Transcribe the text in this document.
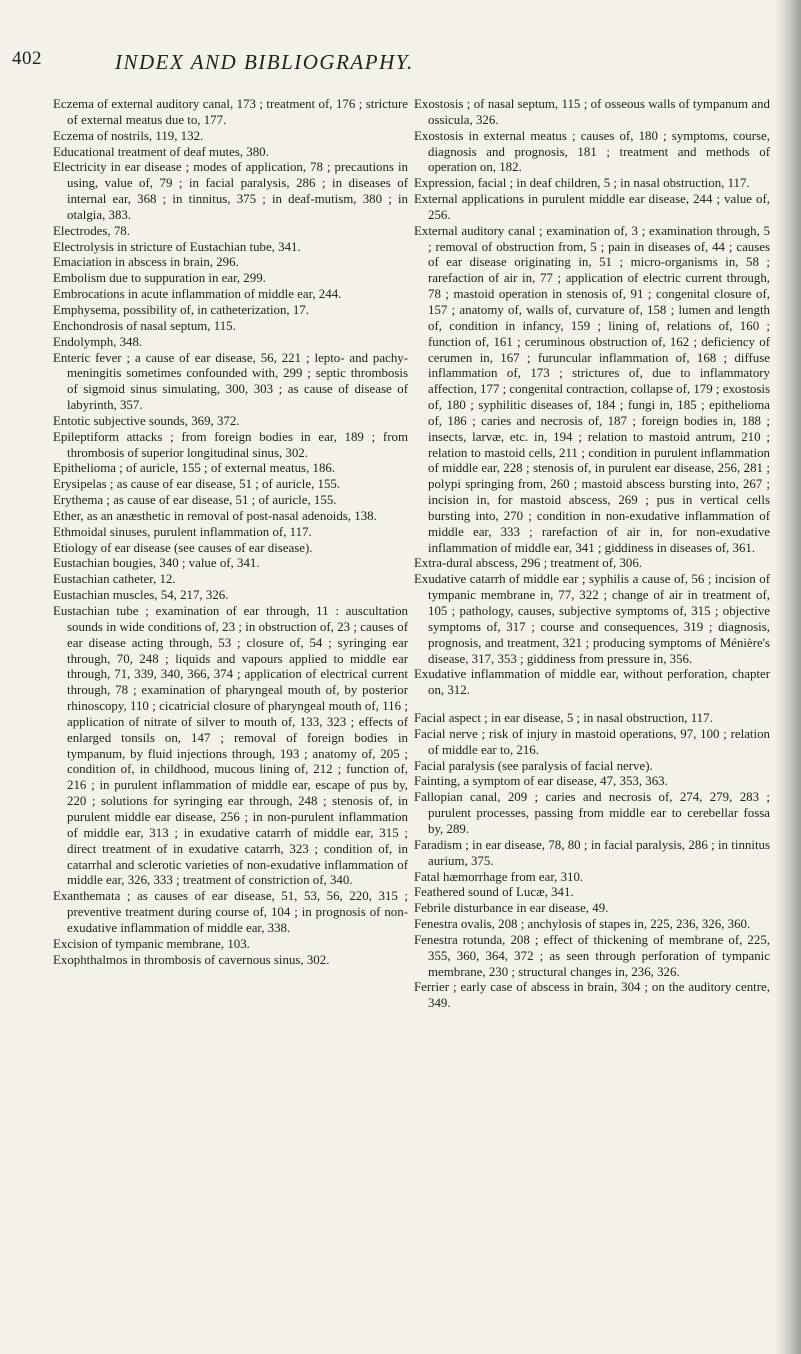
402	INDEX AND BIBLIOGRAPHY.

Eczema of external auditory canal, 173 ; treatment of, 176 ; stricture of external meatus due to, 177.

Eczema of nostrils, 119, 132.

Educational treatment of deaf mutes, 380.

Electricity in ear disease ; modes of application, 78 ; precautions in using, value of, 79 ; in facial paralysis, 286 ; in diseases of internal ear, 368 ; in tinnitus, 375 ; in deaf-mutism, 380 ; in otalgia, 383.

Electrodes, 78.

Electrolysis in stricture of Eustachian tube, 341.

Emaciation in abscess in brain, 296.

Embolism due to suppuration in ear, 299.

Embrocations in acute inflammation of middle ear, 244.

Emphysema, possibility of, in catheterization, 17.

Enchondrosis of nasal septum, 115.

Endolymph, 348.

Enteric fever ; a cause of ear disease, 56, 221 ; lepto- and pachy-meningitis sometimes confounded with, 299 ; septic thrombosis of sigmoid sinus simulating, 300, 303 ; as cause of disease of labyrinth, 357.

Entotic subjective sounds, 369, 372.

Epileptiform attacks ; from foreign bodies in ear, 189 ; from thrombosis of superior longitudinal sinus, 302.

Epithelioma ; of auricle, 155 ; of external meatus, 186.

Erysipelas ; as cause of ear disease, 51 ; of auricle, 155.

Erythema ; as cause of ear disease, 51 ; of auricle, 155.

Ether, as an anæsthetic in removal of post-nasal adenoids, 138.

Ethmoidal sinuses, purulent inflammation of, 117.

Etiology of ear disease (see causes of ear disease).

Eustachian bougies, 340 ; value of, 341.

Eustachian catheter, 12.

Eustachian muscles, 54, 217, 326.

Eustachian tube ; examination of ear through, 11 : auscultation sounds in wide conditions of, 23 ; in obstruction of, 23 ; causes of ear disease acting through, 53 ; closure of, 54 ; syringing ear through, 70, 248 ; liquids and vapours applied to middle ear through, 71, 339, 340, 366, 374 ; application of electrical current through, 78 ; examination of pharyngeal mouth of, by posterior rhinoscopy, 110 ; cicatricial closure of pharyngeal mouth of, 116 ; application of nitrate of silver to mouth of, 133, 323 ; effects of enlarged tonsils on, 147 ; removal of foreign bodies in tympanum, by fluid injections through, 193 ; anatomy of, 205 ; condition of, in childhood, mucous lining of, 212 ; function of, 216 ; in purulent inflammation of middle ear, escape of pus by, 220 ; solutions for syringing ear through, 248 ; stenosis of, in purulent middle ear disease, 256 ; in non-purulent inflammation of middle ear, 313 ; in exudative catarrh of middle ear, 315 ; direct treatment of in exudative catarrh, 323 ; condition of, in catarrhal and sclerotic varieties of non-exudative inflammation of middle ear, 326, 333 ; treatment of constriction of, 340.

Exanthemata ; as causes of ear disease, 51, 53, 56, 220, 315 ; preventive treatment during course of, 104 ; in prognosis of non-exudative inflammation of middle ear, 338.

Excision of tympanic membrane, 103.

Exophthalmos in thrombosis of cavernous sinus, 302.

Exostosis ; of nasal septum, 115 ; of osseous walls of tympanum and ossicula, 326.

Exostosis in external meatus ; causes of, 180 ; symptoms, course, diagnosis and prognosis, 181 ; treatment and methods of operation on, 182.

Expression, facial ; in deaf children, 5 ; in nasal obstruction, 117.

External applications in purulent middle ear disease, 244 ; value of, 256.

External auditory canal ; examination of, 3 ; examination through, 5 ; removal of obstruction from, 5 ; pain in diseases of, 44 ; causes of ear disease originating in, 51 ; micro-organisms in, 58 ; rarefaction of air in, 77 ; application of electric current through, 78 ; mastoid operation in stenosis of, 91 ; congenital closure of, 157 ; anatomy of, walls of, curvature of, 158 ; lumen and length of, condition in infancy, 159 ; lining of, relations of, 160 ; function of, 161 ; ceruminous obstruction of, 162 ; deficiency of cerumen in, 167 ; furuncular inflammation of, 168 ; diffuse inflammation of, 173 ; strictures of, due to inflammatory affection, 177 ; congenital contraction, collapse of, 179 ; exostosis of, 180 ; syphilitic diseases of, 184 ; fungi in, 185 ; epithelioma of, 186 ; caries and necrosis of, 187 ; foreign bodies in, 188 ; insects, larvæ, etc. in, 194 ; relation to mastoid antrum, 210 ; relation to mastoid cells, 211 ; condition in purulent inflammation of middle ear, 228 ; stenosis of, in purulent ear disease, 256, 281 ; polypi springing from, 260 ; mastoid abscess bursting into, 267 ; incision in, for mastoid abscess, 269 ; pus in vertical cells bursting into, 270 ; condition in non-exudative inflammation of middle ear, 333 ; rarefaction of air in, for non-exudative inflammation of middle ear, 341 ; giddiness in diseases of, 361.

Extra-dural abscess, 296 ; treatment of, 306.

Exudative catarrh of middle ear ; syphilis a cause of, 56 ; incision of tympanic membrane in, 77, 322 ; change of air in treatment of, 105 ; pathology, causes, subjective symptoms of, 315 ; objective symptoms of, 317 ; course and consequences, 319 ; diagnosis, prognosis, and treatment, 321 ; producing symptoms of Ménière's disease, 317, 353 ; giddiness from pressure in, 356.

Exudative inflammation of middle ear, without perforation, chapter on, 312.

Facial aspect ; in ear disease, 5 ; in nasal obstruction, 117.

Facial nerve ; risk of injury in mastoid operations, 97, 100 ; relation of middle ear to, 216.

Facial paralysis (see paralysis of facial nerve).

Fainting, a symptom of ear disease, 47, 353, 363.

Fallopian canal, 209 ; caries and necrosis of, 274, 279, 283 ; purulent processes, passing from middle ear to cerebellar fossa by, 289.

Faradism ; in ear disease, 78, 80 ; in facial paralysis, 286 ; in tinnitus aurium, 375.

Fatal hæmorrhage from ear, 310.

Feathered sound of Lucæ, 341.

Febrile disturbance in ear disease, 49.

Fenestra ovalis, 208 ; anchylosis of stapes in, 225, 236, 326, 360.

Fenestra rotunda, 208 ; effect of thickening of membrane of, 225, 355, 360, 364, 372 ; as seen through perforation of tympanic membrane, 230 ; structural changes in, 236, 326.

Ferrier ; early case of abscess in brain, 304 ; on the auditory centre, 349.
